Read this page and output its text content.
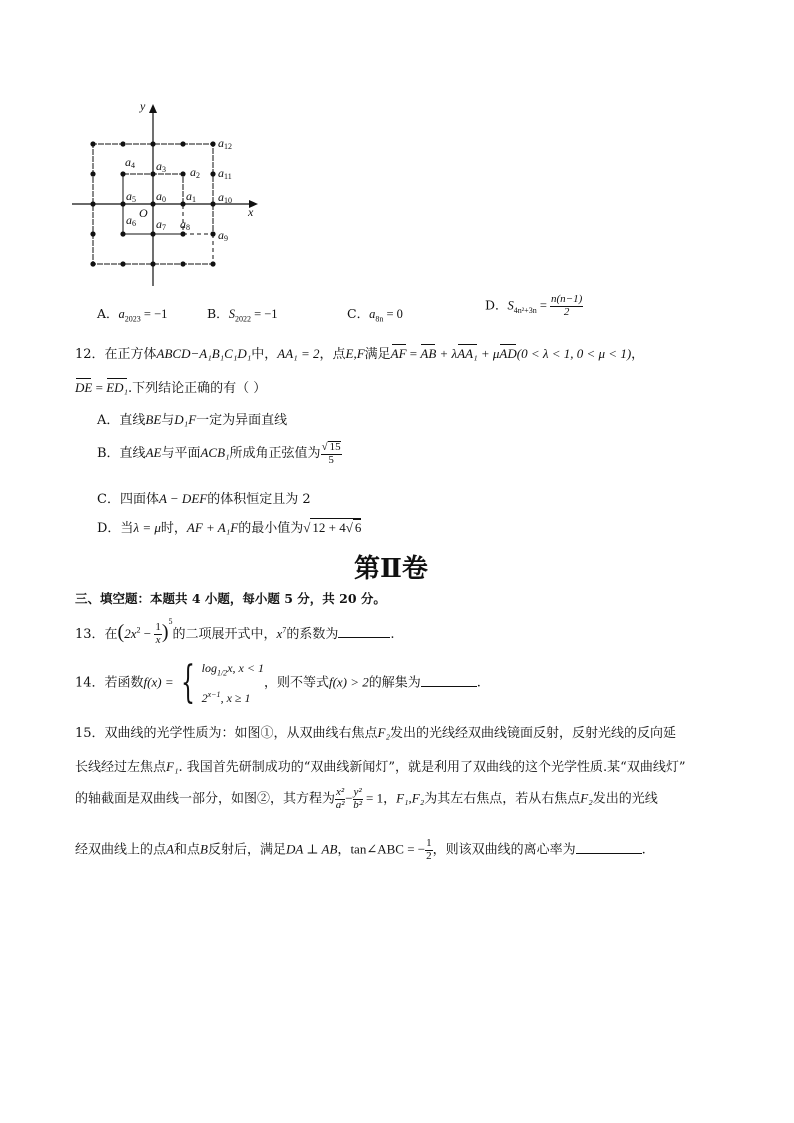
x
y
O
a0 a1
a2
a3
a4
a5
a6 a7 a8
a9
a10
a11
a12
A．$a_{2023} = -1$	B．$S_{2022} = -1$	C．$a_{8n} = 0$
D．$S_{4n^2+3n} = \frac{n(n-1)}{2}$
12．在正方体ABCD−A₁B₁C₁D₁中，AA₁ = 2，点E,F满足AF = AB + λAA₁ + μAD(0 < λ < 1, 0 < μ < 1)，
DE = ED₁.下列结论正确的有（ ）
A．直线BE与D₁F一定为异面直线
B．直线AE与平面ACB₁所成角正弦值为 $\frac{√ 15}{5}$
C．四面体A − DEF的体积恒定且为 2
D．当λ = μ时，AF + A₁F的最小值为√ 12 + 4√ 6
第Ⅱ卷
三、填空题：本题共 4 小题，每小题 5 分，共 20 分。
13．在$(2x^2 - \frac{1}{x} )^5$的二项展开式中，$x^7$的系数为	.
14．若函数f(x) = { $\log_{1/2}x$, x < 1
$2^{x-1}$, x ≥ 1
，则不等式f(x) > 2的解集为	.
15．双曲线的光学性质为：如图①，从双曲线右焦点F₂发出的光线经双曲线镜面反射，反射光线的反向延
长线经过左焦点F₁. 我国首先研制成功的“双曲线新闻灯”，就是利用了双曲线的这个光学性质.某“双曲线灯”
的轴截面是双曲线一部分，如图②，其方程为 $\frac{\text{x²}}{\text{a²}} - \frac{\text{y²}}{\text{b²}} = 1$，F₁,F₂为其左右焦点，若从右焦点F₂发出的光线
经双曲线上的点A和点B反射后，满足DA ⊥ AB，tan∠ABC = − $\frac{1}{2}$ ，则该双曲线的离心率为	.
